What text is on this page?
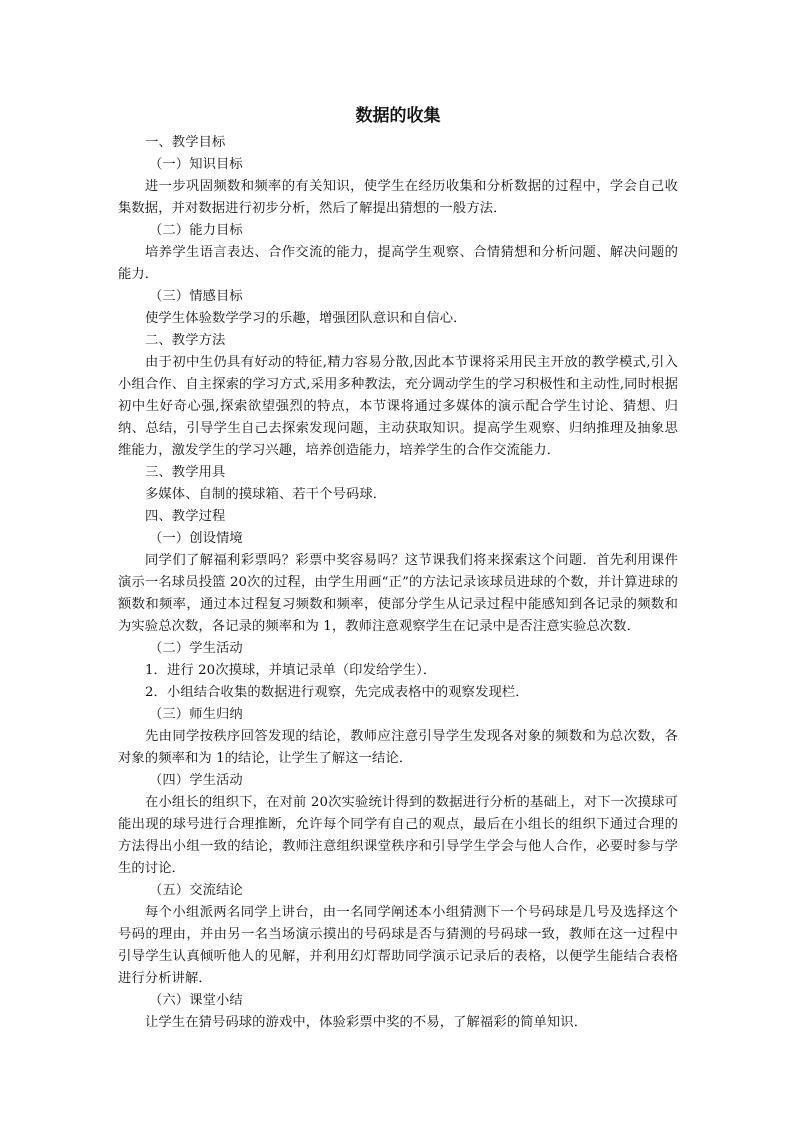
数据的收集

一、教学目标

（一）知识目标

进一步巩固频数和频率的有关知识，使学生在经历收集和分析数据的过程中，学会自己收集数据，并对数据进行初步分析，然后了解提出猜想的一般方法．

（二）能力目标

培养学生语言表达、合作交流的能力，提高学生观察、合情猜想和分析问题、解决问题的能力．

（三）情感目标

使学生体验数学学习的乐趣，增强团队意识和自信心．

二、教学方法

由于初中生仍具有好动的特征,精力容易分散,因此本节课将采用民主开放的教学模式,引入小组合作、自主探索的学习方式,采用多种教法，充分调动学生的学习积极性和主动性,同时根据初中生好奇心强,探索欲望强烈的特点，本节课将通过多媒体的演示配合学生讨论、猜想、归纳、总结，引导学生自己去探索发现问题，主动获取知识。提高学生观察、归纳推理及抽象思维能力，激发学生的学习兴趣，培养创造能力，培养学生的合作交流能力．

三、教学用具

多媒体、自制的摸球箱、若干个号码球．

四、教学过程

（一）创设情境

同学们了解福利彩票吗？彩票中奖容易吗？这节课我们将来探索这个问题．首先利用课件演示一名球员投篮 20次的过程，由学生用画“正”的方法记录该球员进球的个数，并计算进球的额数和频率，通过本过程复习频数和频率，使部分学生从记录过程中能感知到各记录的频数和为实验总次数，各记录的频率和为 1，教师注意观察学生在记录中是否注意实验总次数．

（二）学生活动

1．进行 20次摸球，并填记录单（印发给学生）．

2．小组结合收集的数据进行观察，先完成表格中的观察发现栏．

（三）师生归纳

先由同学按秩序回答发现的结论，教师应注意引导学生发现各对象的频数和为总次数，各对象的频率和为 1的结论，让学生了解这一结论．

（四）学生活动

在小组长的组织下，在对前 20次实验统计得到的数据进行分析的基础上，对下一次摸球可能出现的球号进行合理推断，允许每个同学有自己的观点，最后在小组长的组织下通过合理的方法得出小组一致的结论，教师注意组织课堂秩序和引导学生学会与他人合作，必要时参与学生的讨论．

（五）交流结论

每个小组派两名同学上讲台，由一名同学阐述本小组猜测下一个号码球是几号及选择这个号码的理由，并由另一名当场演示摸出的号码球是否与猜测的号码球一致，教师在这一过程中引导学生认真倾听他人的见解，并利用幻灯帮助同学演示记录后的表格，以便学生能结合表格进行分析讲解．

（六）课堂小结

让学生在猜号码球的游戏中，体验彩票中奖的不易，了解福彩的简单知识．
